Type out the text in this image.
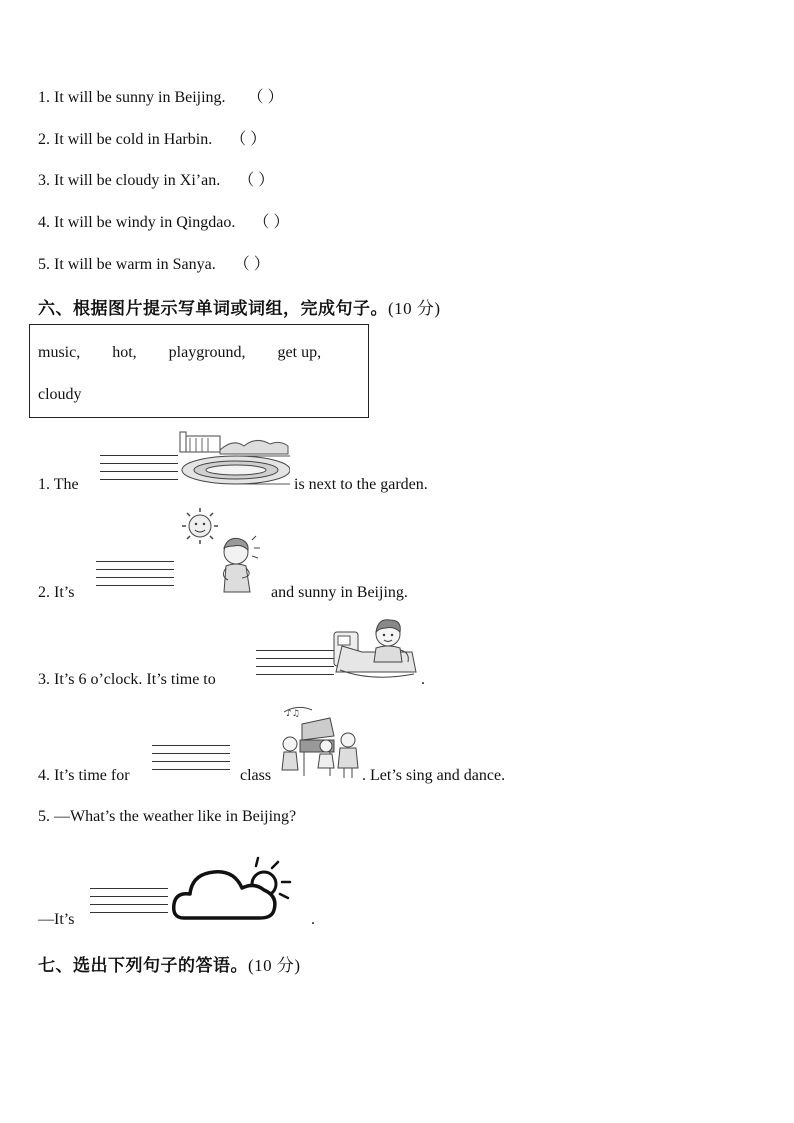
1. It will be sunny in Beijing. （ ）
2. It will be cold in Harbin. （ ）
3. It will be cloudy in Xi’an. （ ）
4. It will be windy in Qingdao. （ ）
5. It will be warm in Sanya. （ ）
六、根据图片提示写单词或词组，完成句子。(10 分)
music, hot, playground, get up,
cloudy
1. The	is next to the garden.
2. It’s	and sunny in Beijing.
3. It’s 6 o’clock. It’s time to	.
4. It’s time for	class
♪♫
. Let’s sing and dance.
5. —What’s the weather like in Beijing?
—It’s	.
七、选出下列句子的答语。(10 分)
